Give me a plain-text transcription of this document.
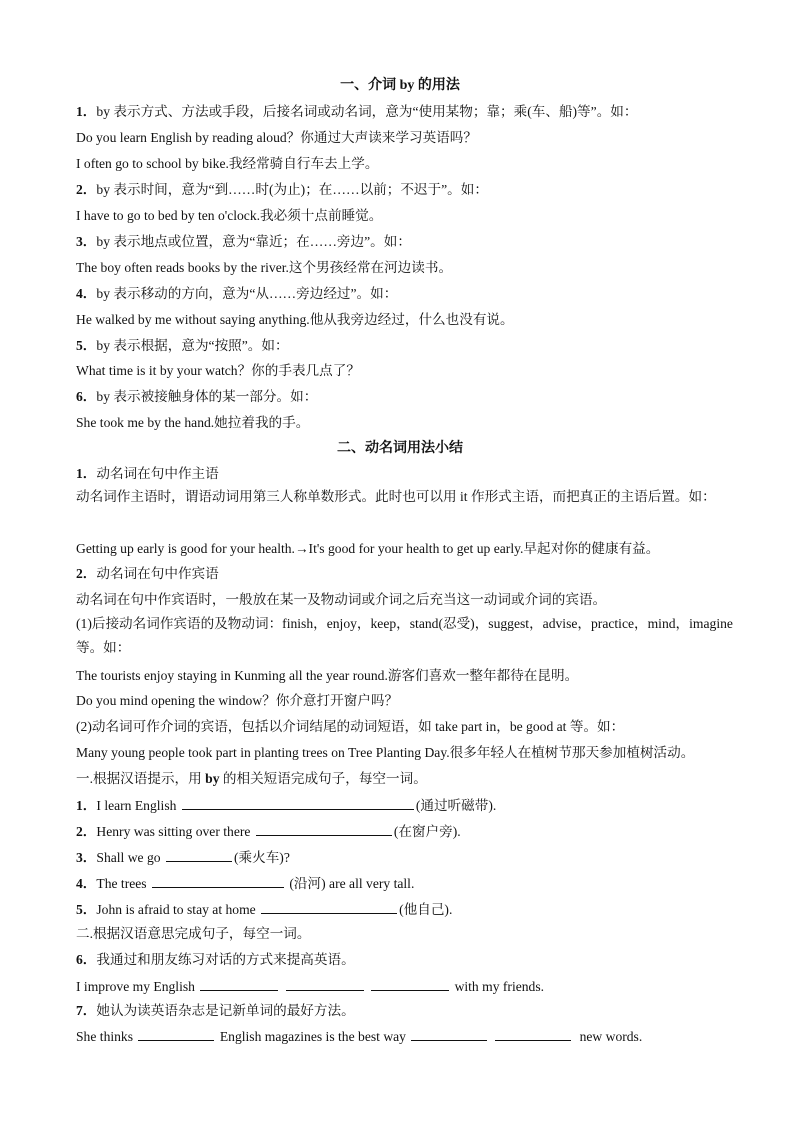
一、介词 by 的用法
1．by 表示方式、方法或手段，后接名词或动名词，意为“使用某物；靠；乘(车、船)等”。如：
Do you learn English by reading aloud？你通过大声读来学习英语吗？
I often go to school by bike.我经常骑自行车去上学。
2．by 表示时间，意为“到……时(为止)；在……以前；不迟于”。如：
I have to go to bed by ten o'clock.我必须十点前睡觉。
3．by 表示地点或位置，意为“靠近；在……旁边”。如：
The boy often reads books by the river.这个男孩经常在河边读书。
4．by 表示移动的方向，意为“从……旁边经过”。如：
He walked by me without saying anything.他从我旁边经过，什么也没有说。
5．by 表示根据，意为“按照”。如：
What time is it by your watch？你的手表几点了？
6．by 表示被接触身体的某一部分。如：
She took me by the hand.她拉着我的手。
二、动名词用法小结
1．动名词在句中作主语
动名词作主语时，谓语动词用第三人称单数形式。此时也可以用 it 作形式主语，而把真正的主语后置。如：
Getting up early is good for your health.→It's good for your health to get up early.早起对你的健康有益。
2．动名词在句中作宾语
动名词在句中作宾语时，一般放在某一及物动词或介词之后充当这一动词或介词的宾语。
(1)后接动名词作宾语的及物动词：finish，enjoy，keep，stand(忍受)，suggest，advise，practice，mind，imagine 等。如：
The tourists enjoy staying in Kunming all the year round.游客们喜欢一整年都待在昆明。
Do you mind opening the window？你介意打开窗户吗？
(2)动名词可作介词的宾语，包括以介词结尾的动词短语，如 take part in，be good at 等。如：
Many young people took part in planting trees on Tree Planting Day.很多年轻人在植树节那天参加植树活动。
一.根据汉语提示，用 by 的相关短语完成句子，每空一词。
1．I learn English	(通过听磁带).
2．Henry was sitting over there	(在窗户旁).
3．Shall we go	(乘火车)?
4．The trees	(沿河) are all very tall.
5．John is afraid to stay at home	(他自己).
二.根据汉语意思完成句子，每空一词。
6．我通过和朋友练习对话的方式来提高英语。
I improve my English	with my friends.
7．她认为读英语杂志是记新单词的最好方法。
She thinks	English magazines is the best way	new words.
